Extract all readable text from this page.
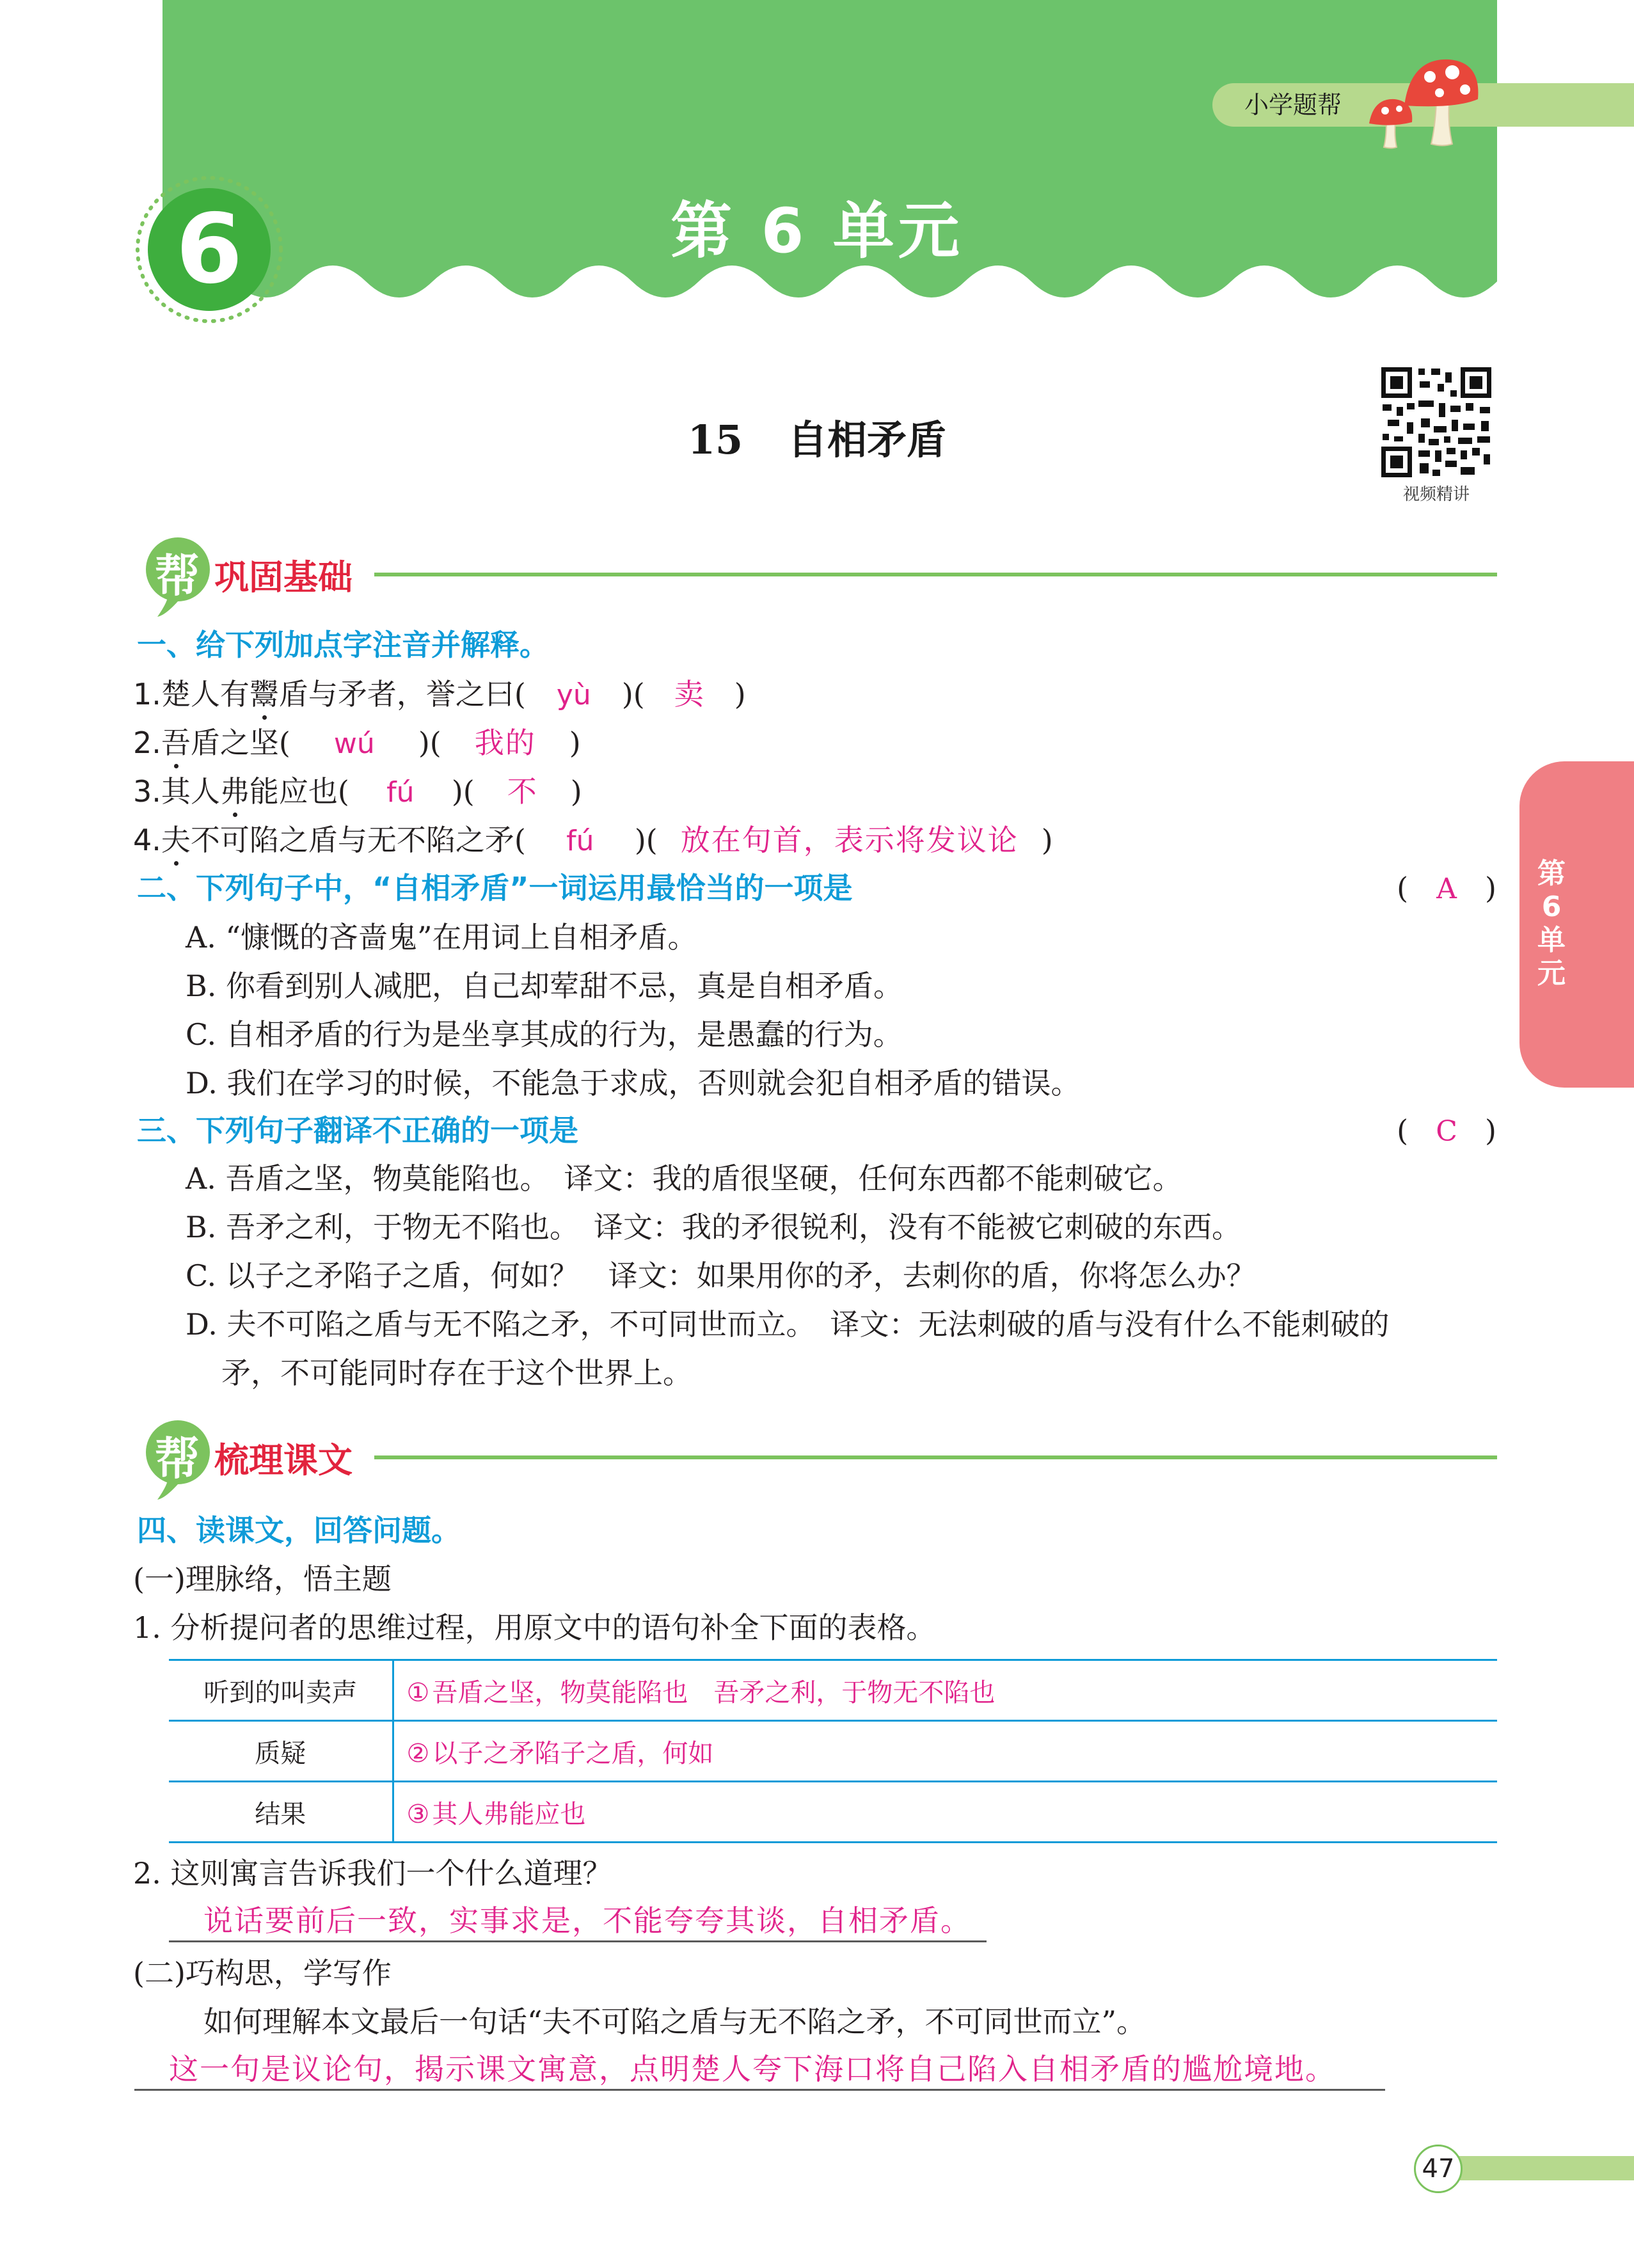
6	第 6 单元
小学题帮
视频精讲
15 自相矛盾
帮 巩固基础
一、给下列加点字注音并解释。
1.楚人有鬻盾与矛者，誉之曰( yù )( 卖 )
2.吾盾之坚( wú )( 我的 )
3.其人弗能应也( fú )( 不 )
4.夫不可陷之盾与无不陷之矛( fú )( 放在句首，表示将发议论 )
二、下列句子中，“自相矛盾”一词运用最恰当的一项是	( A )
A. “慷慨的吝啬鬼”在用词上自相矛盾。
B. 你看到别人减肥，自己却荤甜不忌，真是自相矛盾。
C. 自相矛盾的行为是坐享其成的行为，是愚蠢的行为。
D. 我们在学习的时候，不能急于求成，否则就会犯自相矛盾的错误。
三、下列句子翻译不正确的一项是	( C )
A. 吾盾之坚，物莫能陷也。　译文：我的盾很坚硬，任何东西都不能刺破它。
B. 吾矛之利，于物无不陷也。　译文：我的矛很锐利，没有不能被它刺破的东西。
C. 以子之矛陷子之盾，何如？　译文：如果用你的矛，去刺你的盾，你将怎么办？
D. 夫不可陷之盾与无不陷之矛，不可同世而立。　译文：无法刺破的盾与没有什么不能刺破的
矛，不可能同时存在于这个世界上。
帮 梳理课文
四、读课文，回答问题。
(一)理脉络，悟主题
1. 分析提问者的思维过程，用原文中的语句补全下面的表格。
听到的叫卖声	① 吾盾之坚，物莫能陷也　吾矛之利，于物无不陷也
质疑	② 以子之矛陷子之盾，何如
结果	③ 其人弗能应也
2. 这则寓言告诉我们一个什么道理？
说话要前后一致，实事求是，不能夸夸其谈，自相矛盾。
(二)巧构思，学写作
如何理解本文最后一句话“夫不可陷之盾与无不陷之矛，不可同世而立”。
这一句是议论句，揭示课文寓意，点明楚人夸下海口将自己陷入自相矛盾的尴尬境地。
第6单元
47
